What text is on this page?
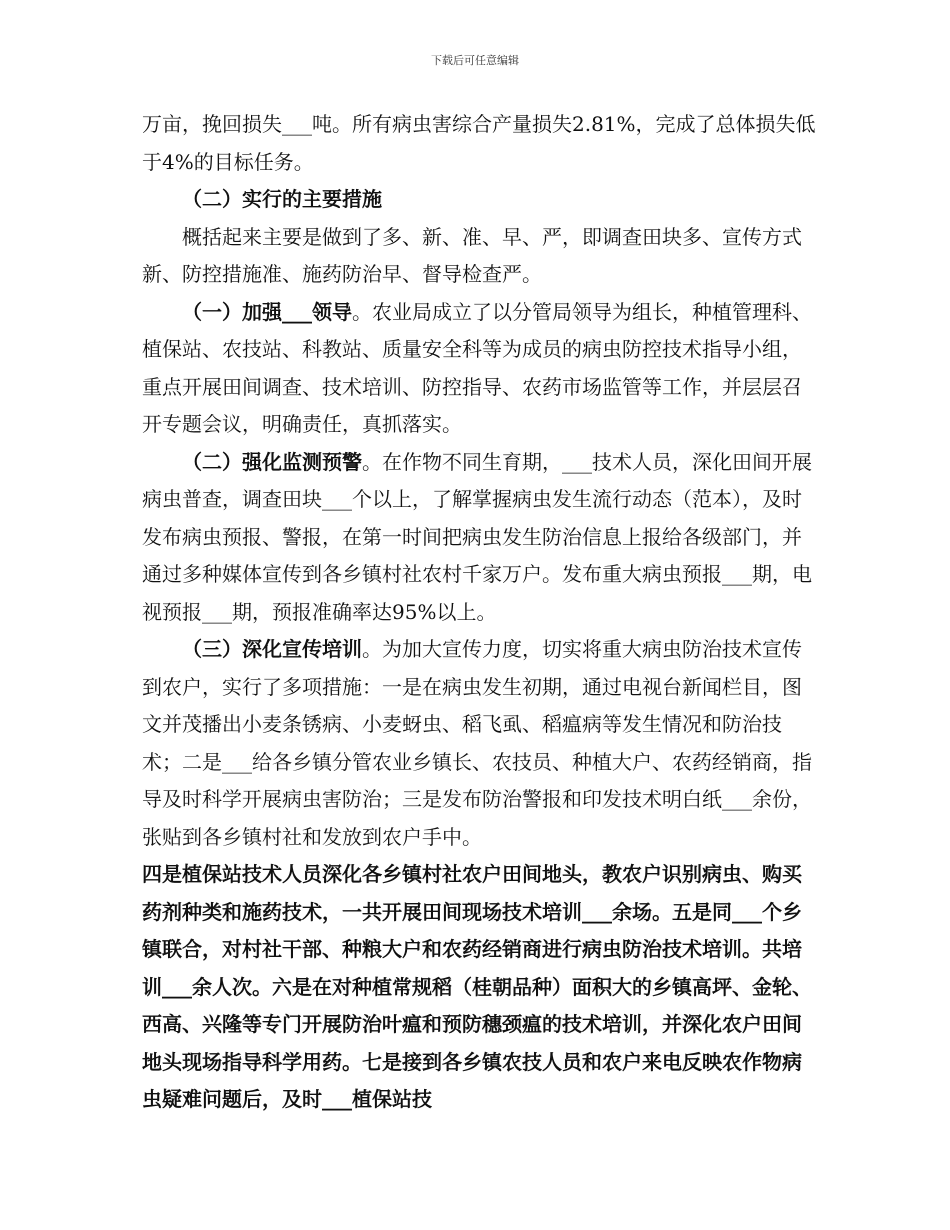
下载后可任意编辑

万亩，挽回损失___吨。所有病虫害综合产量损失2.81%，完成了总体损失低于4%的目标任务。

（二）实行的主要措施

概括起来主要是做到了多、新、准、早、严，即调查田块多、宣传方式新、防控措施准、施药防治早、督导检查严。

（一）加强___领导。农业局成立了以分管局领导为组长，种植管理科、植保站、农技站、科教站、质量安全科等为成员的病虫防控技术指导小组，重点开展田间调查、技术培训、防控指导、农药市场监管等工作，并层层召开专题会议，明确责任，真抓落实。

（二）强化监测预警。在作物不同生育期，___技术人员，深化田间开展病虫普查，调查田块___个以上，了解掌握病虫发生流行动态（范本），及时发布病虫预报、警报，在第一时间把病虫发生防治信息上报给各级部门，并通过多种媒体宣传到各乡镇村社农村千家万户。发布重大病虫预报___期，电视预报___期，预报准确率达95%以上。

（三）深化宣传培训。为加大宣传力度，切实将重大病虫防治技术宣传到农户，实行了多项措施：一是在病虫发生初期，通过电视台新闻栏目，图文并茂播出小麦条锈病、小麦蚜虫、稻飞虱、稻瘟病等发生情况和防治技术；二是___给各乡镇分管农业乡镇长、农技员、种植大户、农药经销商，指导及时科学开展病虫害防治；三是发布防治警报和印发技术明白纸___余份，张贴到各乡镇村社和发放到农户手中。

四是植保站技术人员深化各乡镇村社农户田间地头，教农户识别病虫、购买药剂种类和施药技术，一共开展田间现场技术培训___余场。五是同___个乡镇联合，对村社干部、种粮大户和农药经销商进行病虫防治技术培训。共培训___余人次。六是在对种植常规稻（桂朝品种）面积大的乡镇高坪、金轮、西高、兴隆等专门开展防治叶瘟和预防穗颈瘟的技术培训，并深化农户田间地头现场指导科学用药。七是接到各乡镇农技人员和农户来电反映农作物病虫疑难问题后，及时___植保站技
